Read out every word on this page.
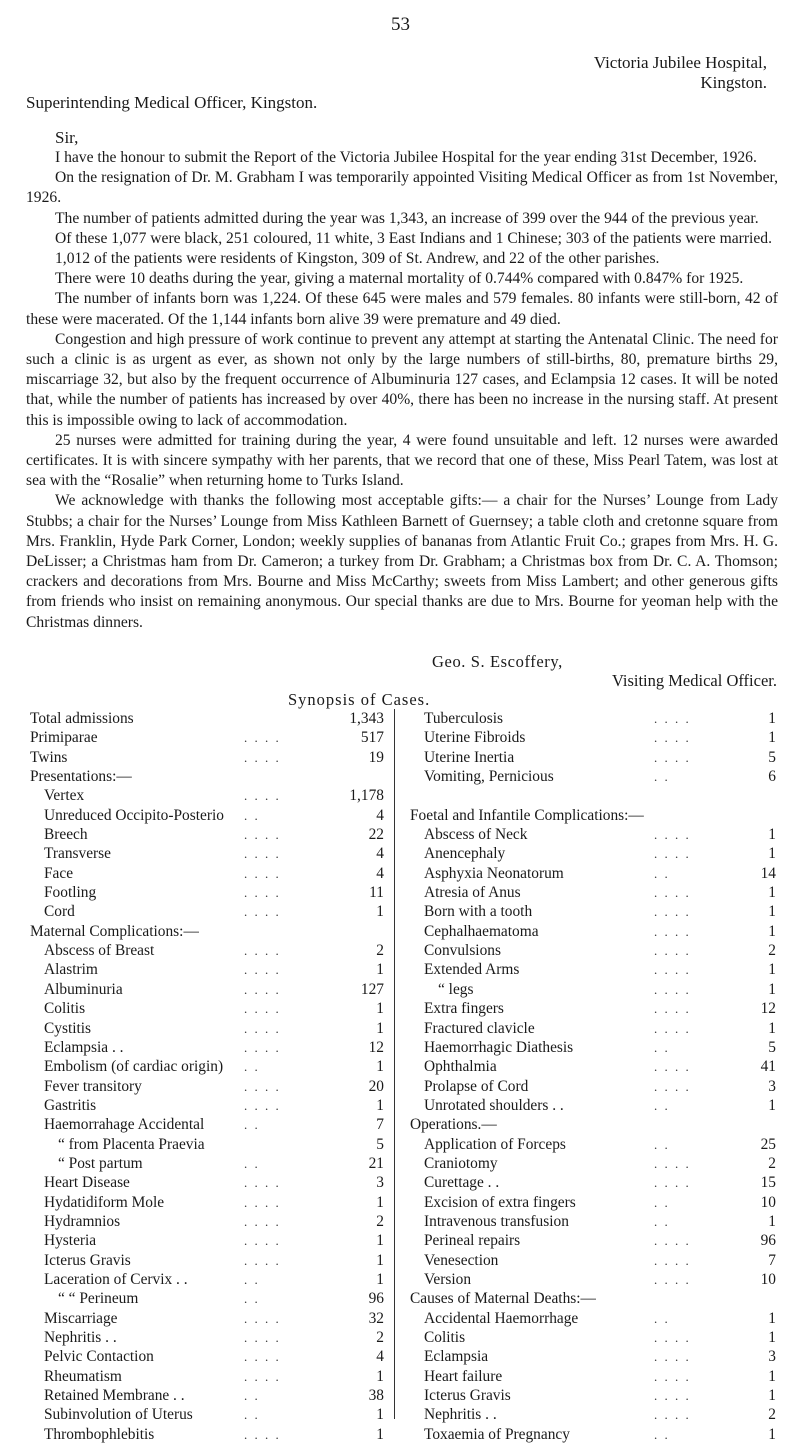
53
Victoria Jubilee Hospital,
Kingston.
Superintending Medical Officer, Kingston.
Sir,

I have the honour to submit the Report of the Victoria Jubilee Hospital for the year ending 31st December, 1926.

On the resignation of Dr. M. Grabham I was temporarily appointed Visiting Medical Officer as from 1st November, 1926.

The number of patients admitted during the year was 1,343, an increase of 399 over the 944 of the previous year.

Of these 1,077 were black, 251 coloured, 11 white, 3 East Indians and 1 Chinese; 303 of the patients were married.

1,012 of the patients were residents of Kingston, 309 of St. Andrew, and 22 of the other parishes.

There were 10 deaths during the year, giving a maternal mortality of 0.744% compared with 0.847% for 1925.

The number of infants born was 1,224. Of these 645 were males and 579 females. 80 infants were still-born, 42 of these were macerated. Of the 1,144 infants born alive 39 were premature and 49 died.

Congestion and high pressure of work continue to prevent any attempt at starting the Antenatal Clinic. The need for such a clinic is as urgent as ever, as shown not only by the large numbers of still-births, 80, premature births 29, miscarriage 32, but also by the frequent occurrence of Albuminuria 127 cases, and Eclampsia 12 cases. It will be noted that, while the number of patients has increased by over 40%, there has been no increase in the nursing staff. At present this is impossible owing to lack of accommodation.

25 nurses were admitted for training during the year, 4 were found unsuitable and left. 12 nurses were awarded certificates. It is with sincere sympathy with her parents, that we record that one of these, Miss Pearl Tatem, was lost at sea with the “Rosalie” when returning home to Turks Island.

We acknowledge with thanks the following most acceptable gifts:— a chair for the Nurses’ Lounge from Lady Stubbs; a chair for the Nurses’ Lounge from Miss Kathleen Barnett of Guernsey; a table cloth and cretonne square from Mrs. Franklin, Hyde Park Corner, London; weekly supplies of bananas from Atlantic Fruit Co.; grapes from Mrs. H. G. DeLisser; a Christmas ham from Dr. Cameron; a turkey from Dr. Grabham; a Christmas box from Dr. C. A. Thomson; crackers and decorations from Mrs. Bourne and Miss McCarthy; sweets from Miss Lambert; and other generous gifts from friends who insist on remaining anonymous. Our special thanks are due to Mrs. Bourne for yeoman help with the Christmas dinners.

Geo. S. Escoffery,
Visiting Medical Officer.
Synopsis of Cases.
Total admissions	1,343
Primiparae	. . . .	517
Twins	. . . .	19
Presentations:—
Vertex	. . . .	1,178
Unreduced Occipito-Posterio . .	4
Breech	. . . .	22
Transverse	. . . .	4
Face	. . . .	4
Footling	. . . .	11
Cord	. . . .	1
Maternal Complications:—
Abscess of Breast	. . . .	2
Alastrim	. . . .	1
Albuminuria	. . . .	127
Colitis	. . . .	1
Cystitis	. . . .	1
Eclampsia . .	. . . .	12
Embolism (of cardiac origin) . .	1
Fever transitory	. . . .	20
Gastritis	. . . .	1
Haemorrahage Accidental	. .	7
“ from Placenta Praevia	5
“ Post partum	. .	21
Heart Disease	. . . .	3
Hydatidiform Mole	. . . .	1
Hydramnios	. . . .	2
Hysteria	. . . .	1
Icterus Gravis	. . . .	1
Laceration of Cervix . .	. .	1
“ “ Perineum	. .	96
Miscarriage	. . . .	32
Nephritis . .	. . . .	2
Pelvic Contaction	. . . .	4
Rheumatism	. . . .	1
Retained Membrane . .	. .	38
Subinvolution of Uterus	. .	1
Thrombophlebitis	. . . .	1
Tuberculosis	. . . .	1
Uterine Fibroids	. . . .	1
Uterine Inertia	. . . .	5
Vomiting, Pernicious	. .	6
Foetal and Infantile Complications:—
Abscess of Neck	. . . .	1
Anencephaly	. . . .	1
Asphyxia Neonatorum	. .	14
Atresia of Anus	. . . .	1
Born with a tooth	. . . .	1
Cephalhaematoma	. . . .	1
Convulsions	. . . .	2
Extended Arms	. . . .	1
“ legs	. . . .	1
Extra fingers	. . . .	12
Fractured clavicle	. . . .	1
Haemorrhagic Diathesis	. .	5
Ophthalmia	. . . .	41
Prolapse of Cord	. . . .	3
Unrotated shoulders . .	. .	1
Operations.—
Application of Forceps	. .	25
Craniotomy	. . . .	2
Curettage . .	. . . .	15
Excision of extra fingers	. .	10
Intravenous transfusion	. .	1
Perineal repairs	. . . .	96
Venesection	. . . .	7
Version	. . . .	10
Causes of Maternal Deaths:—
Accidental Haemorrhage	. .	1
Colitis	. . . .	1
Eclampsia	. . . .	3
Heart failure	. . . .	1
Icterus Gravis	. . . .	1
Nephritis . .	. . . .	2
Toxaemia of Pregnancy	. .	1
